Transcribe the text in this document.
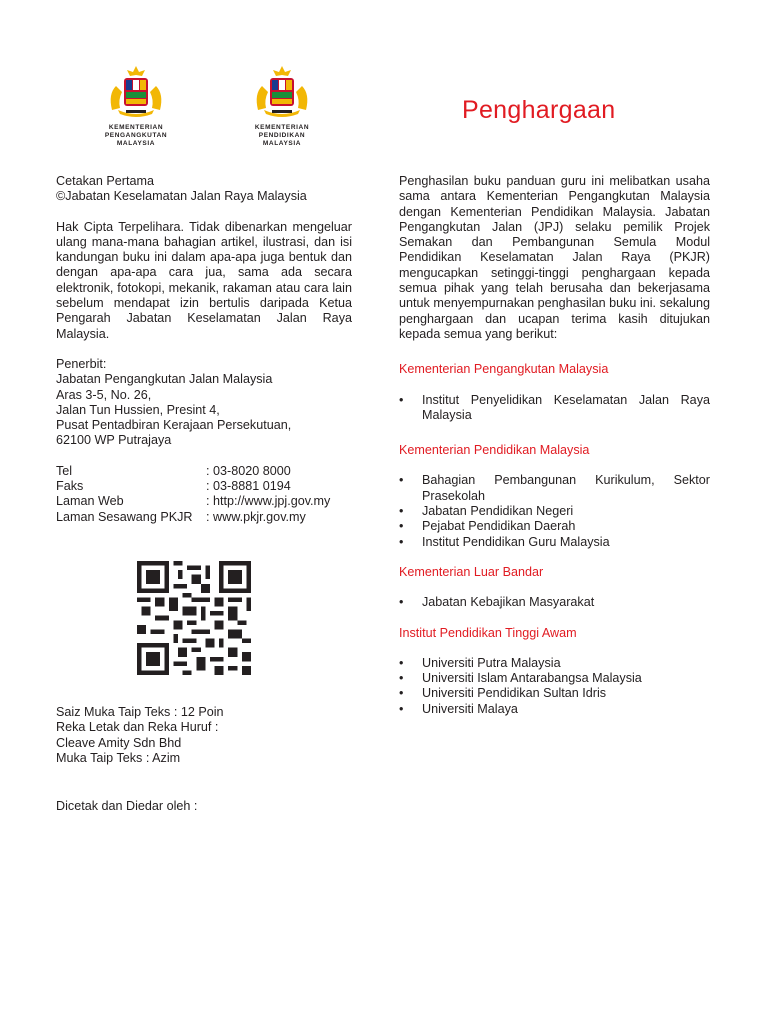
KEMENTERIAN PENGANGKUTAN
MALAYSIA
KEMENTERIAN PENDIDIKAN
MALAYSIA
Penghargaan

Cetakan Pertama

©Jabatan Keselamatan Jalan Raya Malaysia

Hak Cipta Terpelihara. Tidak dibenarkan mengeluar ulang mana-mana bahagian artikel, ilustrasi, dan isi kandungan buku ini dalam apa-apa juga bentuk dan dengan apa-apa cara jua, sama ada secara elektronik, fotokopi, mekanik, rakaman atau cara lain sebelum mendapat izin bertulis daripada Ketua Pengarah Jabatan Keselamatan Jalan Raya Malaysia.

Penerbit:

Jabatan Pengangkutan Jalan Malaysia

Aras 3-5, No. 26,

Jalan Tun Hussien, Presint 4,

Pusat Pentadbiran Kerajaan Persekutuan,

62100 WP Putrajaya

Tel	: 03-8020 8000
Faks	: 03-8881 0194
Laman Web	: http://www.jpj.gov.my
Laman Sesawang PKJR	: www.pkjr.gov.my

Saiz Muka Taip Teks : 12 Poin

Reka Letak dan Reka Huruf :

Cleave Amity Sdn Bhd

Muka Taip Teks : Azim

Dicetak dan Diedar oleh :

Penghasilan buku panduan guru ini melibatkan usaha sama antara Kementerian Pengangkutan Malaysia dengan Kementerian Pendidikan Malaysia. Jabatan Pengangkutan Jalan (JPJ) selaku pemilik Projek Semakan dan Pembangunan Semula Modul Pendidikan Keselamatan Jalan Raya (PKJR) mengucapkan setinggi-tinggi penghargaan kepada semua pihak yang telah berusaha dan bekerjasama untuk menyempurnakan penghasilan buku ini. sekalung penghargaan dan ucapan terima kasih ditujukan kepada semua yang berikut:

Kementerian Pengangkutan Malaysia

• Institut Penyelidikan Keselamatan Jalan Raya Malaysia

Kementerian Pendidikan Malaysia

• Bahagian Pembangunan Kurikulum, Sektor Prasekolah
• Jabatan Pendidikan Negeri
• Pejabat Pendidikan Daerah
• Institut Pendidikan Guru Malaysia

Kementerian Luar Bandar

• Jabatan Kebajikan Masyarakat

Institut Pendidikan Tinggi Awam

• Universiti Putra Malaysia
• Universiti Islam Antarabangsa Malaysia
• Universiti Pendidikan Sultan Idris
• Universiti Malaya
